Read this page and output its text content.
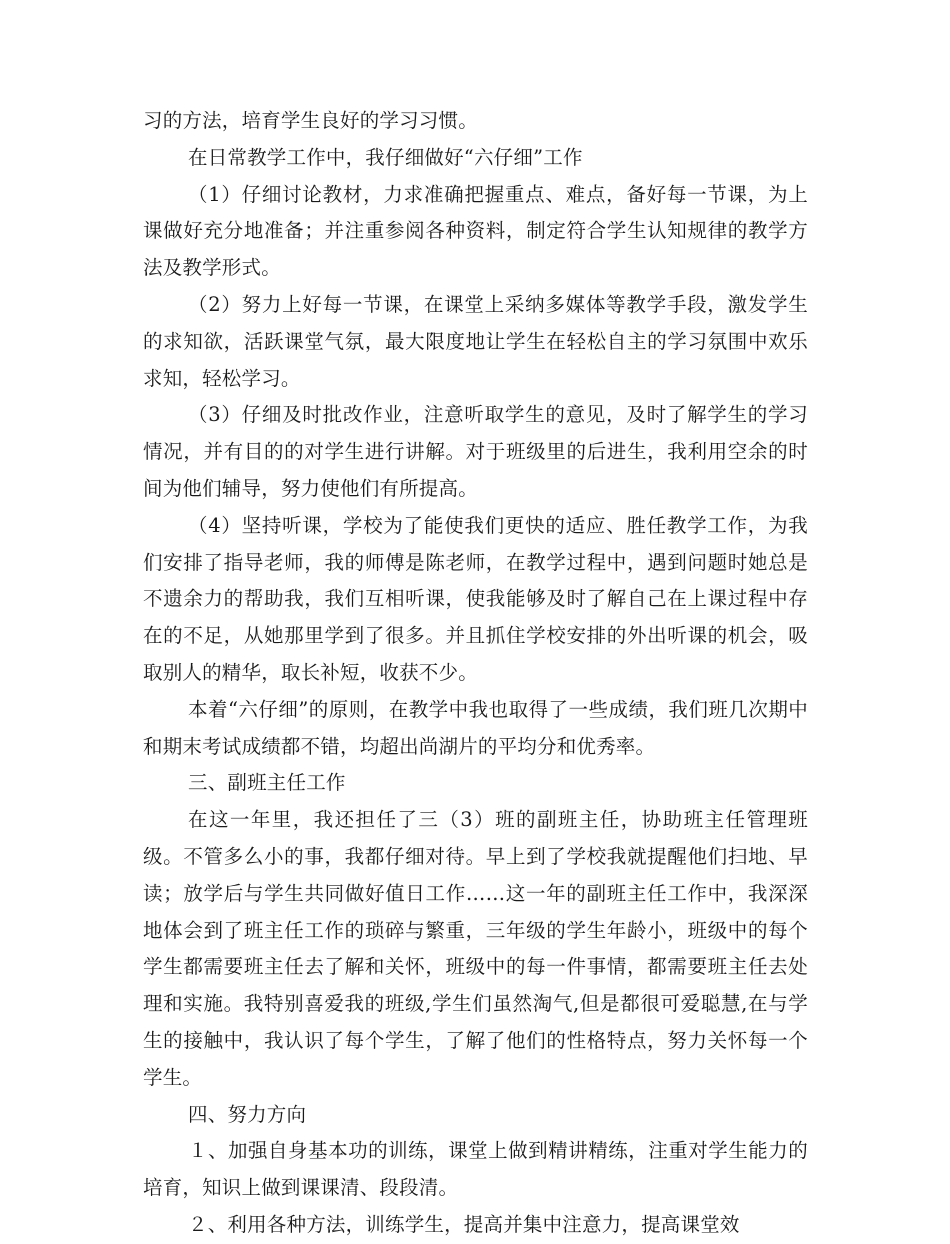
习的方法，培育学生良好的学习习惯。

在日常教学工作中，我仔细做好“六仔细”工作

（1）仔细讨论教材，力求准确把握重点、难点，备好每一节课，为上课做好充分地准备；并注重参阅各种资料，制定符合学生认知规律的教学方法及教学形式。

（2）努力上好每一节课，在课堂上采纳多媒体等教学手段，激发学生的求知欲，活跃课堂气氛，最大限度地让学生在轻松自主的学习氛围中欢乐求知，轻松学习。

（3）仔细及时批改作业，注意听取学生的意见，及时了解学生的学习情况，并有目的的对学生进行讲解。对于班级里的后进生，我利用空余的时间为他们辅导，努力使他们有所提高。

（4）坚持听课，学校为了能使我们更快的适应、胜任教学工作，为我们安排了指导老师，我的师傅是陈老师，在教学过程中，遇到问题时她总是不遗余力的帮助我，我们互相听课，使我能够及时了解自己在上课过程中存在的不足，从她那里学到了很多。并且抓住学校安排的外出听课的机会，吸取别人的精华，取长补短，收获不少。

本着“六仔细”的原则，在教学中我也取得了一些成绩，我们班几次期中和期末考试成绩都不错，均超出尚湖片的平均分和优秀率。

三、副班主任工作

在这一年里，我还担任了三（3）班的副班主任，协助班主任管理班级。不管多么小的事，我都仔细对待。早上到了学校我就提醒他们扫地、早读；放学后与学生共同做好值日工作……这一年的副班主任工作中，我深深地体会到了班主任工作的琐碎与繁重，三年级的学生年龄小，班级中的每个学生都需要班主任去了解和关怀，班级中的每一件事情，都需要班主任去处理和实施。我特别喜爱我的班级,学生们虽然淘气,但是都很可爱聪慧,在与学生的接触中，我认识了每个学生，了解了他们的性格特点，努力关怀每一个学生。

四、努力方向

１、加强自身基本功的训练，课堂上做到精讲精练，注重对学生能力的培育，知识上做到课课清、段段清。

２、利用各种方法，训练学生，提高并集中注意力，提高课堂效
